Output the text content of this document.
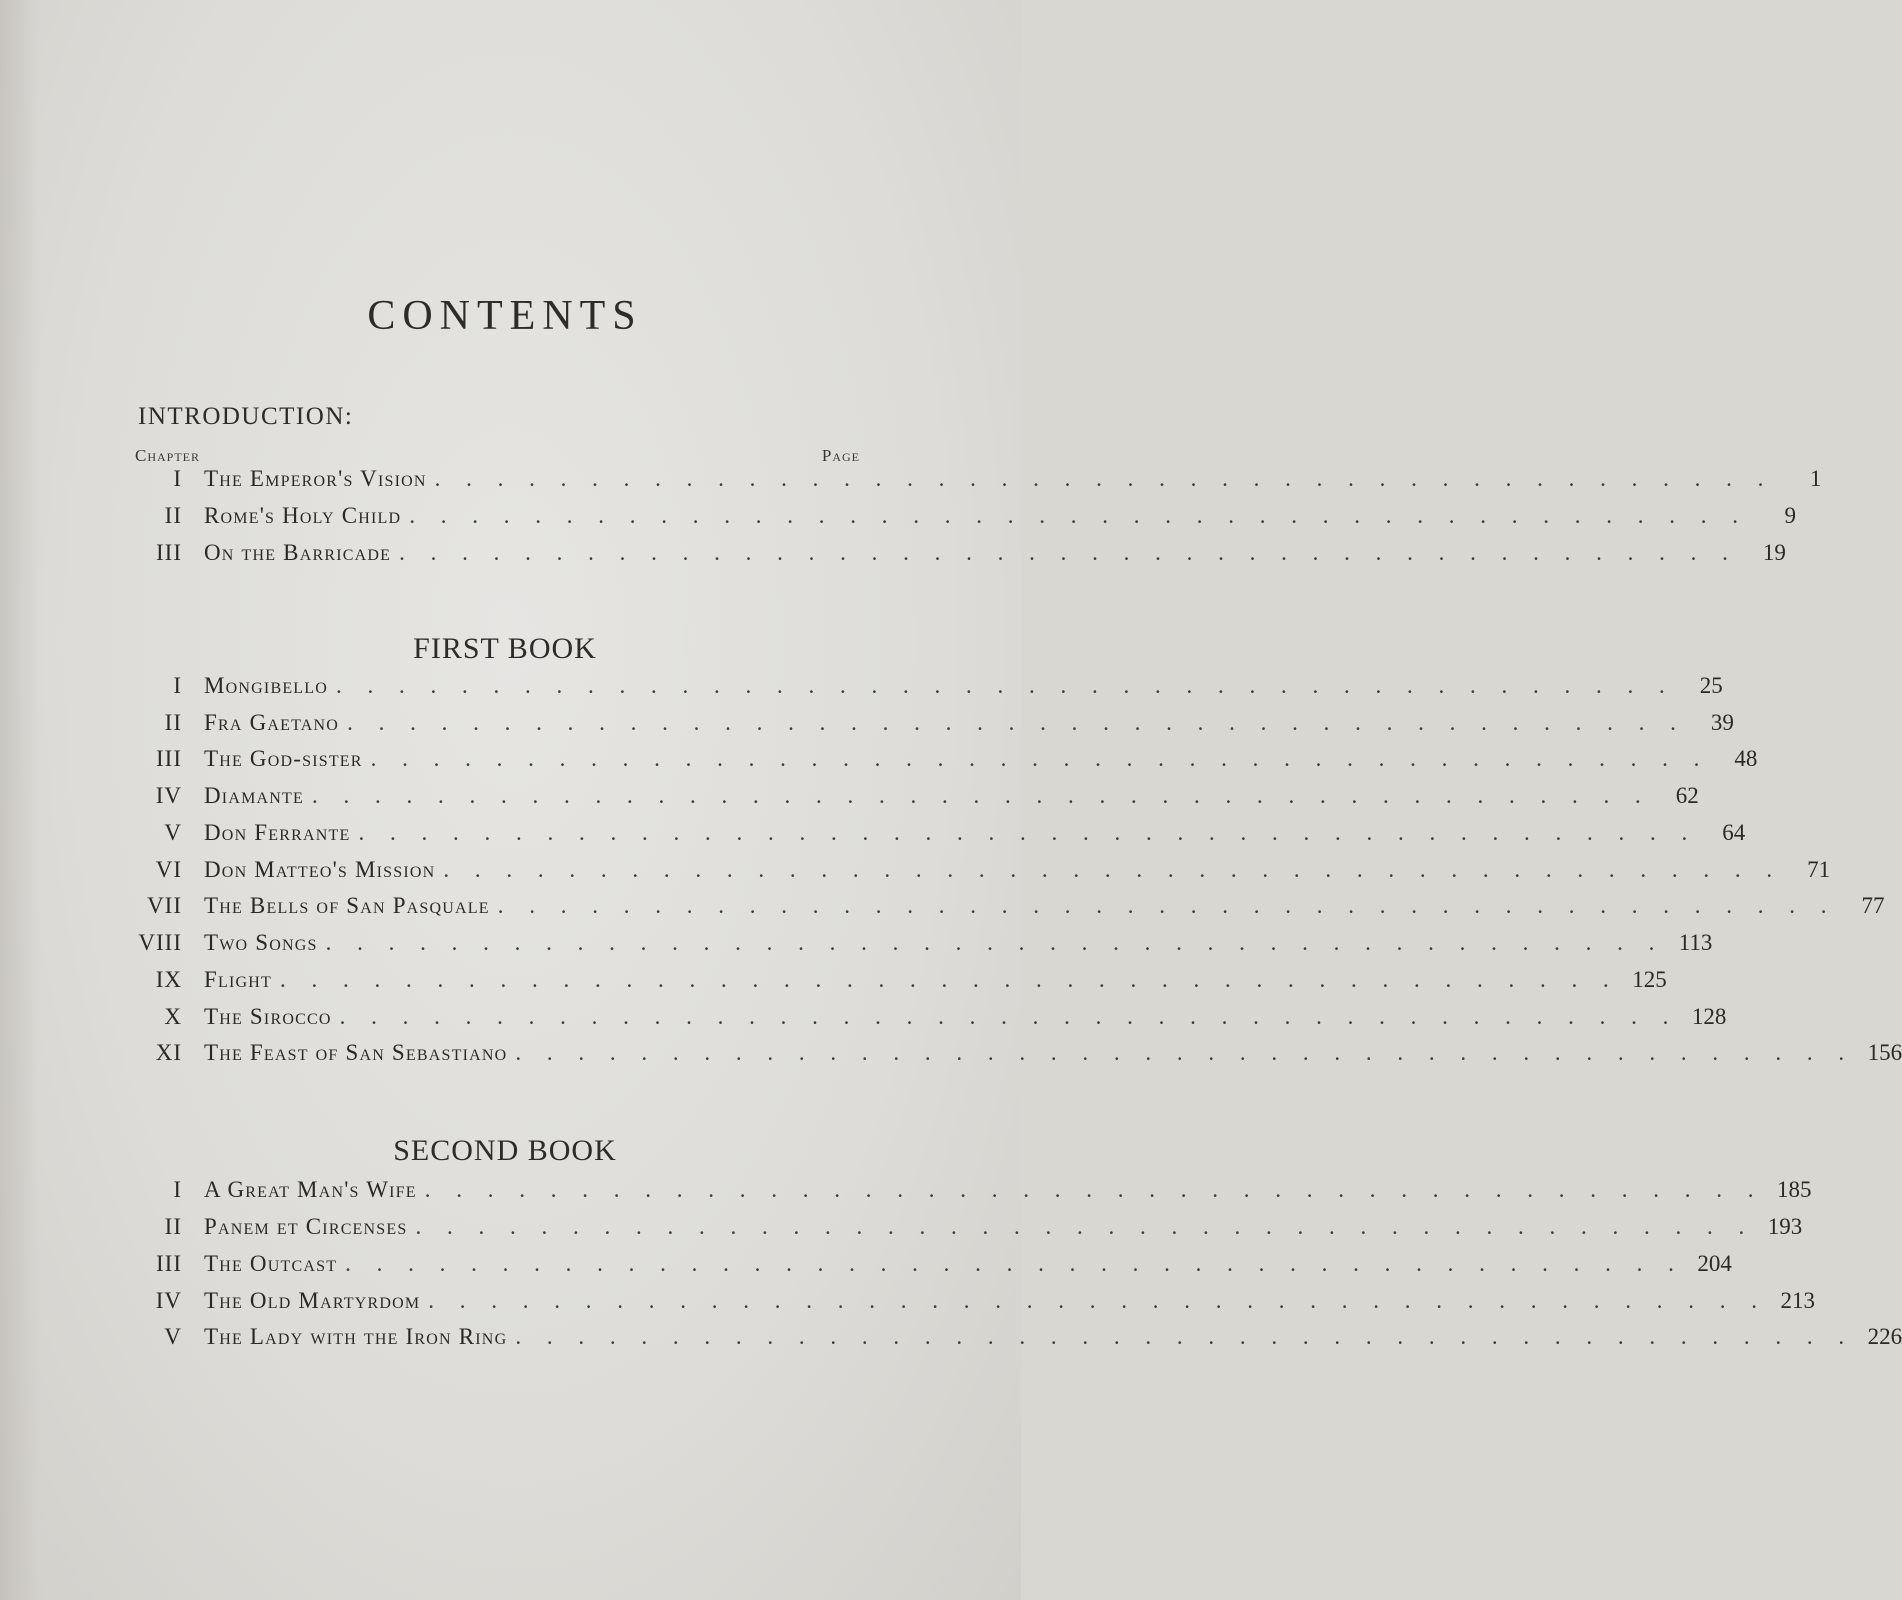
CONTENTS
INTRODUCTION:
Chapter	Page
I The Emperor's Vision . . . . . . . . . . . . . . . . . . . . . . . . . . . . . . . . . . . . . . . . . . .	1
II Rome's Holy Child . . . . . . . . . . . . . . . . . . . . . . . . . . . . . . . . . . . . . . . . . . .	9
III On the Barricade . . . . . . . . . . . . . . . . . . . . . . . . . . . . . . . . . . . . . . . . . . .	19
FIRST BOOK
I Mongibello . . . . . . . . . . . . . . . . . . . . . . . . . . . . . . . . . . . . . . . . . . .	25
II Fra Gaetano . . . . . . . . . . . . . . . . . . . . . . . . . . . . . . . . . . . . . . . . . . .	39
III The God-sister . . . . . . . . . . . . . . . . . . . . . . . . . . . . . . . . . . . . . . . . . . .	48
IV Diamante . . . . . . . . . . . . . . . . . . . . . . . . . . . . . . . . . . . . . . . . . . .	62
V Don Ferrante . . . . . . . . . . . . . . . . . . . . . . . . . . . . . . . . . . . . . . . . . . .	64
VI Don Matteo's Mission . . . . . . . . . . . . . . . . . . . . . . . . . . . . . . . . . . . . . . . . . . .	71
VII The Bells of San Pasquale . . . . . . . . . . . . . . . . . . . . . . . . . . . . . . . . . . . . . . . . . . .	77
VIII Two Songs . . . . . . . . . . . . . . . . . . . . . . . . . . . . . . . . . . . . . . . . . . . 113
IX Flight . . . . . . . . . . . . . . . . . . . . . . . . . . . . . . . . . . . . . . . . . . . 125
X The Sirocco . . . . . . . . . . . . . . . . . . . . . . . . . . . . . . . . . . . . . . . . . . . 128
XI The Feast of San Sebastiano . . . . . . . . . . . . . . . . . . . . . . . . . . . . . . . . . . . . . . . . . . . 156
SECOND BOOK
I A Great Man's Wife . . . . . . . . . . . . . . . . . . . . . . . . . . . . . . . . . . . . . . . . . . . 185
II Panem et Circenses . . . . . . . . . . . . . . . . . . . . . . . . . . . . . . . . . . . . . . . . . . . 193
III The Outcast . . . . . . . . . . . . . . . . . . . . . . . . . . . . . . . . . . . . . . . . . . . 204
IV The Old Martyrdom . . . . . . . . . . . . . . . . . . . . . . . . . . . . . . . . . . . . . . . . . . . 213
V The Lady with the Iron Ring . . . . . . . . . . . . . . . . . . . . . . . . . . . . . . . . . . . . . . . . . . . 226
